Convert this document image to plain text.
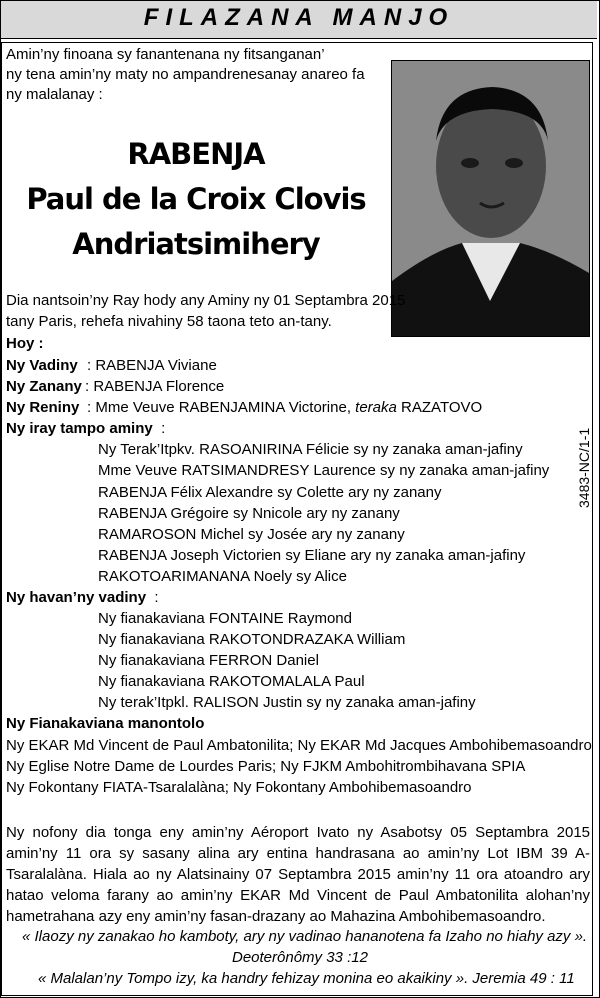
FILAZANA MANJO
Amin’ny finoana sy fanantenana ny fitsanganan’
ny tena amin’ny maty no ampandrenesanay anareo fa
ny malalanay :
RABENJA
Paul de la Croix Clovis
Andriatsimihery
Dia nantsoin’ny Ray hody any Aminy ny 01 Septambra 2015
tany Paris, rehefa nivahiny 58 taona teto an-tany.
Hoy :
Ny Vadiny : RABENJA Viviane
Ny Zanany : RABENJA Florence
Ny Reniny : Mme Veuve RABENJAMINA Victorine, teraka RAZATOVO
Ny iray tampo aminy :
Ny Terak’Itpkv. RASOANIRINA Félicie sy ny zanaka aman-jafiny
Mme Veuve RATSIMANDRESY Laurence sy ny zanaka aman-jafiny
RABENJA Félix Alexandre sy Colette ary ny zanany
RABENJA Grégoire sy Nnicole ary ny zanany
RAMAROSON Michel sy Josée ary ny zanany
RABENJA Joseph Victorien sy Eliane ary ny zanaka aman-jafiny
RAKOTOARIMANANA Noely sy Alice
Ny havan’ny vadiny :
Ny fianakaviana FONTAINE Raymond
Ny fianakaviana RAKOTONDRAZAKA William
Ny fianakaviana FERRON Daniel
Ny fianakaviana RAKOTOMALALA Paul
Ny terak’Itpkl. RALISON Justin sy ny zanaka aman-jafiny
Ny Fianakaviana manontolo
Ny EKAR Md Vincent de Paul Ambatonilita; Ny EKAR Md Jacques Ambohibemasoandro
Ny Eglise Notre Dame de Lourdes Paris; Ny FJKM Ambohitrombihavana SPIA
Ny Fokontany FIATA-Tsaralalàna; Ny Fokontany Ambohibemasoandro
Ny nofony dia tonga eny amin’ny Aéroport Ivato ny Asabotsy 05 Septambra 2015 amin’ny 11 ora sy sasany alina ary entina handrasana ao amin’ny Lot IBM 39 A-Tsaralalàna. Hiala ao ny Alatsinainy 07 Septambra 2015 amin’ny 11 ora atoandro ary hatao veloma farany ao amin’ny EKAR Md Vincent de Paul Ambatonilita alohan’ny hametrahana azy eny amin’ny fasan-drazany ao Mahazina Ambohibemasoandro.
« Ilaozy ny zanakao ho kamboty, ary ny vadinao hananotena fa Izaho no hiahy azy ».
Deoterônômy 33 :12
« Malalan’ny Tompo izy, ka handry fehizay monina eo akaikiny ». Jeremia 49 : 11
3483-NC/1-1
